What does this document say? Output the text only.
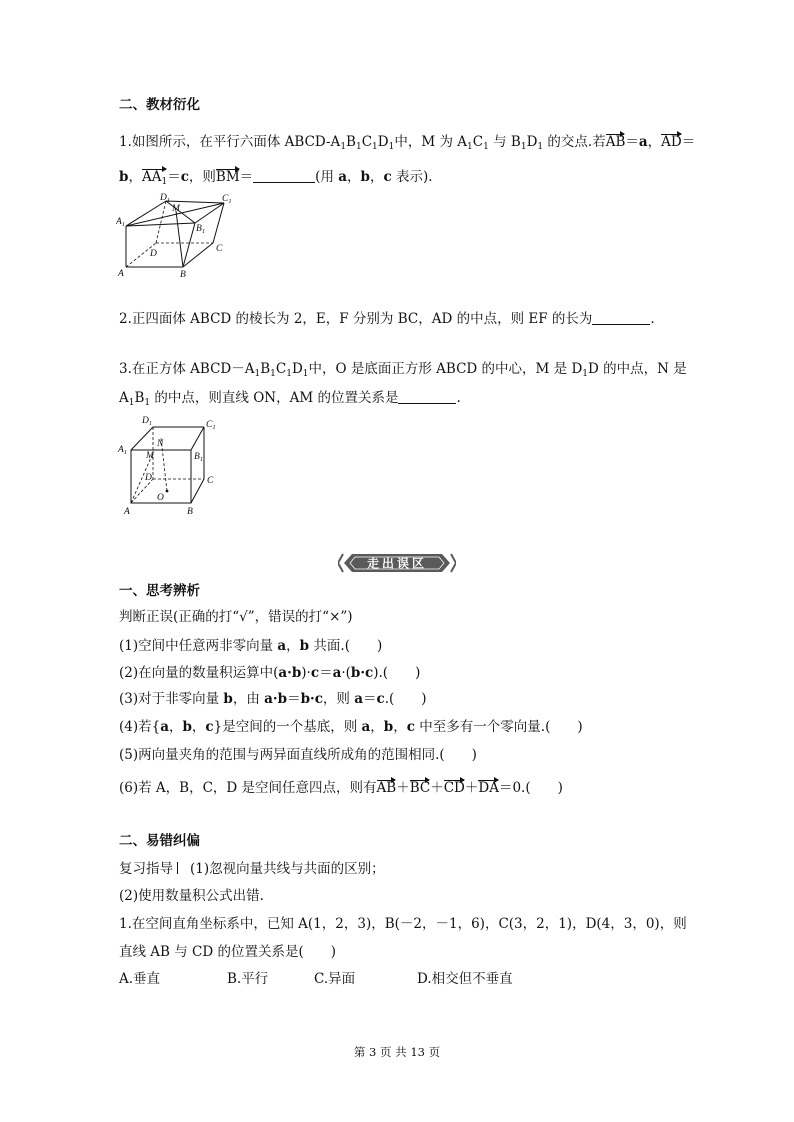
二、教材衍化
1.如图所示，在平行六面体 ABCD-$A_1B_1C_1D_1$中，M 为 $A_1C_1$ 与 $B_1D_1$ 的交点.若AB＝a，AD＝
b，$AA_1=c$，则BM＝	(用 a，b，c 表示).
A	B
C
D
M
$A_1$	$B_1$
$C_1$
$D_1$
2.正四面体 ABCD 的棱长为 2，E，F 分别为 BC，AD 的中点，则 EF 的长为	.
3.在正方体 $ABCD-A_1B_1C_1D_1$中，O 是底面正方形 ABCD 的中心，M 是 $D_1D$ 的中点，N 是
$A_1B_1$ 的中点，则直线 ON，AM 的位置关系是	.
A	B
C
D
M
N
O
$A_1$	$B_1$
$C_1$
$D_1$
走出误区
一、思考辨析
判断正误(正确的打“√”，错误的打“×”)
(1)空间中任意两非零向量 a，b 共面.(　　)
(2)在向量的数量积运算中(a·b)·c＝a·(b·c).(　　)
(3)对于非零向量 b，由 a·b＝b·c，则 a＝c.(　　)
(4)若{a，b，c}是空间的一个基底，则 a，b，c 中至多有一个零向量.(　　)
(5)两向量夹角的范围与两异面直线所成角的范围相同.(　　)
(6)若 A，B，C，D 是空间任意四点，则有AB＋BC＋CD＋DA＝0.(　　)
二、易错纠偏
复习指导 (1)忽视向量共线与共面的区别；
(2)使用数量积公式出错.
1.在空间直角坐标系中，已知 A(1，2，3)，B(－2，－1，6)，C(3，2，1)，D(4，3，0)，则
直线 AB 与 CD 的位置关系是(　　)
A.垂直	B.平行	C.异面	D.相交但不垂直
第 3 页 共 13 页
